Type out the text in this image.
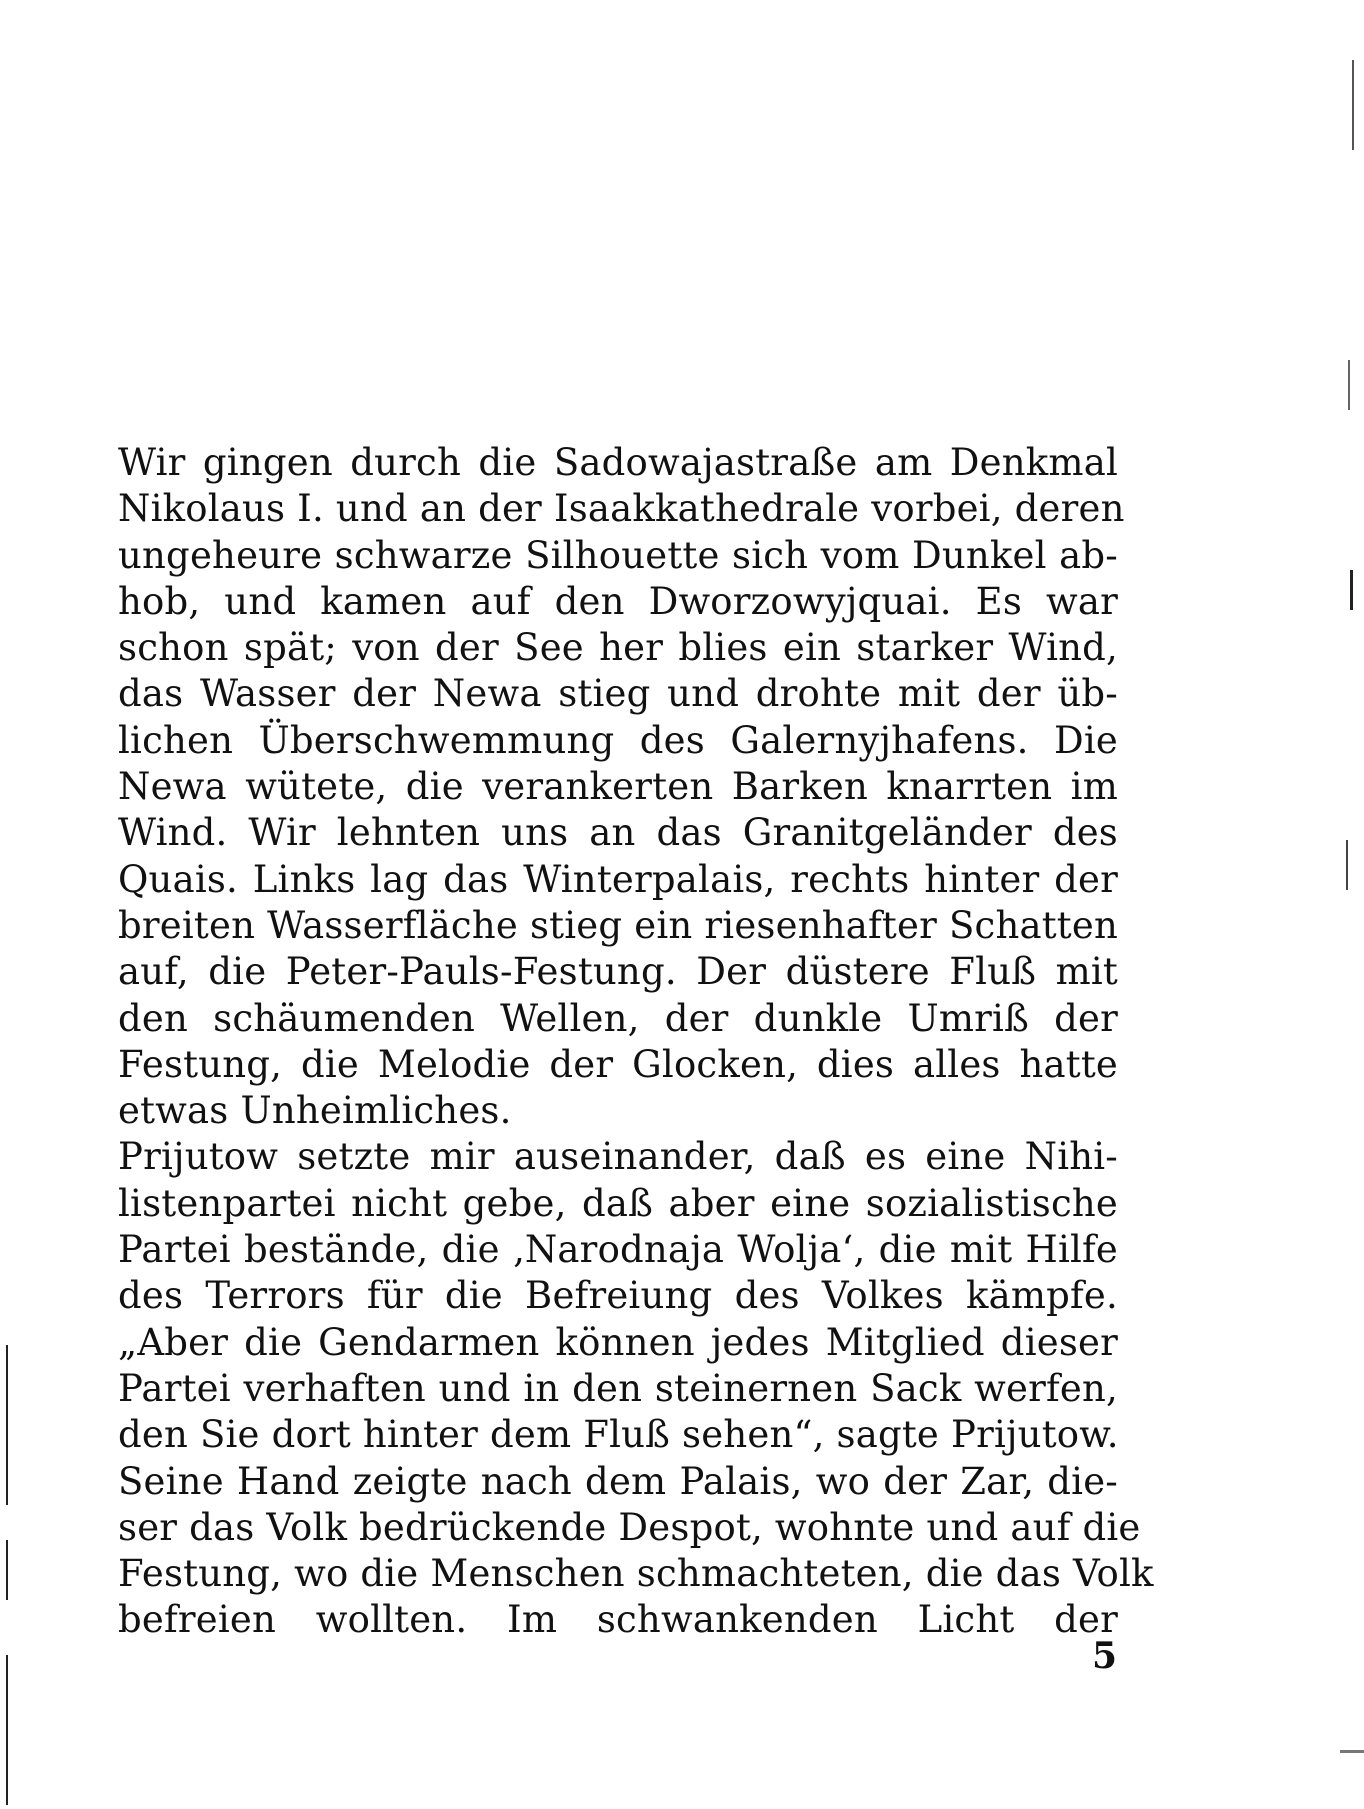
Wir gingen durch die Sadowajastraße am Denkmal
Nikolaus I. und an der Isaakkathedrale vorbei, deren
ungeheure schwarze Silhouette sich vom Dunkel ab-
hob, und kamen auf den Dworzowyjquai. Es war
schon spät; von der See her blies ein starker Wind,
das Wasser der Newa stieg und drohte mit der üb-
lichen Überschwemmung des Galernyjhafens. Die
Newa wütete, die verankerten Barken knarrten im
Wind. Wir lehnten uns an das Granitgeländer des
Quais. Links lag das Winterpalais, rechts hinter der
breiten Wasserfläche stieg ein riesenhafter Schatten
auf, die Peter-Pauls-Festung. Der düstere Fluß mit
den schäumenden Wellen, der dunkle Umriß der
Festung, die Melodie der Glocken, dies alles hatte
etwas Unheimliches.
Prijutow setzte mir auseinander, daß es eine Nihi-
listenpartei nicht gebe, daß aber eine sozialistische
Partei bestände, die ‚Narodnaja Wolja‘, die mit Hilfe
des Terrors für die Befreiung des Volkes kämpfe.
„Aber die Gendarmen können jedes Mitglied dieser
Partei verhaften und in den steinernen Sack werfen,
den Sie dort hinter dem Fluß sehen“, sagte Prijutow.
Seine Hand zeigte nach dem Palais, wo der Zar, die-
ser das Volk bedrückende Despot, wohnte und auf die
Festung, wo die Menschen schmachteten, die das Volk
befreien wollten. Im schwankenden Licht der
5
